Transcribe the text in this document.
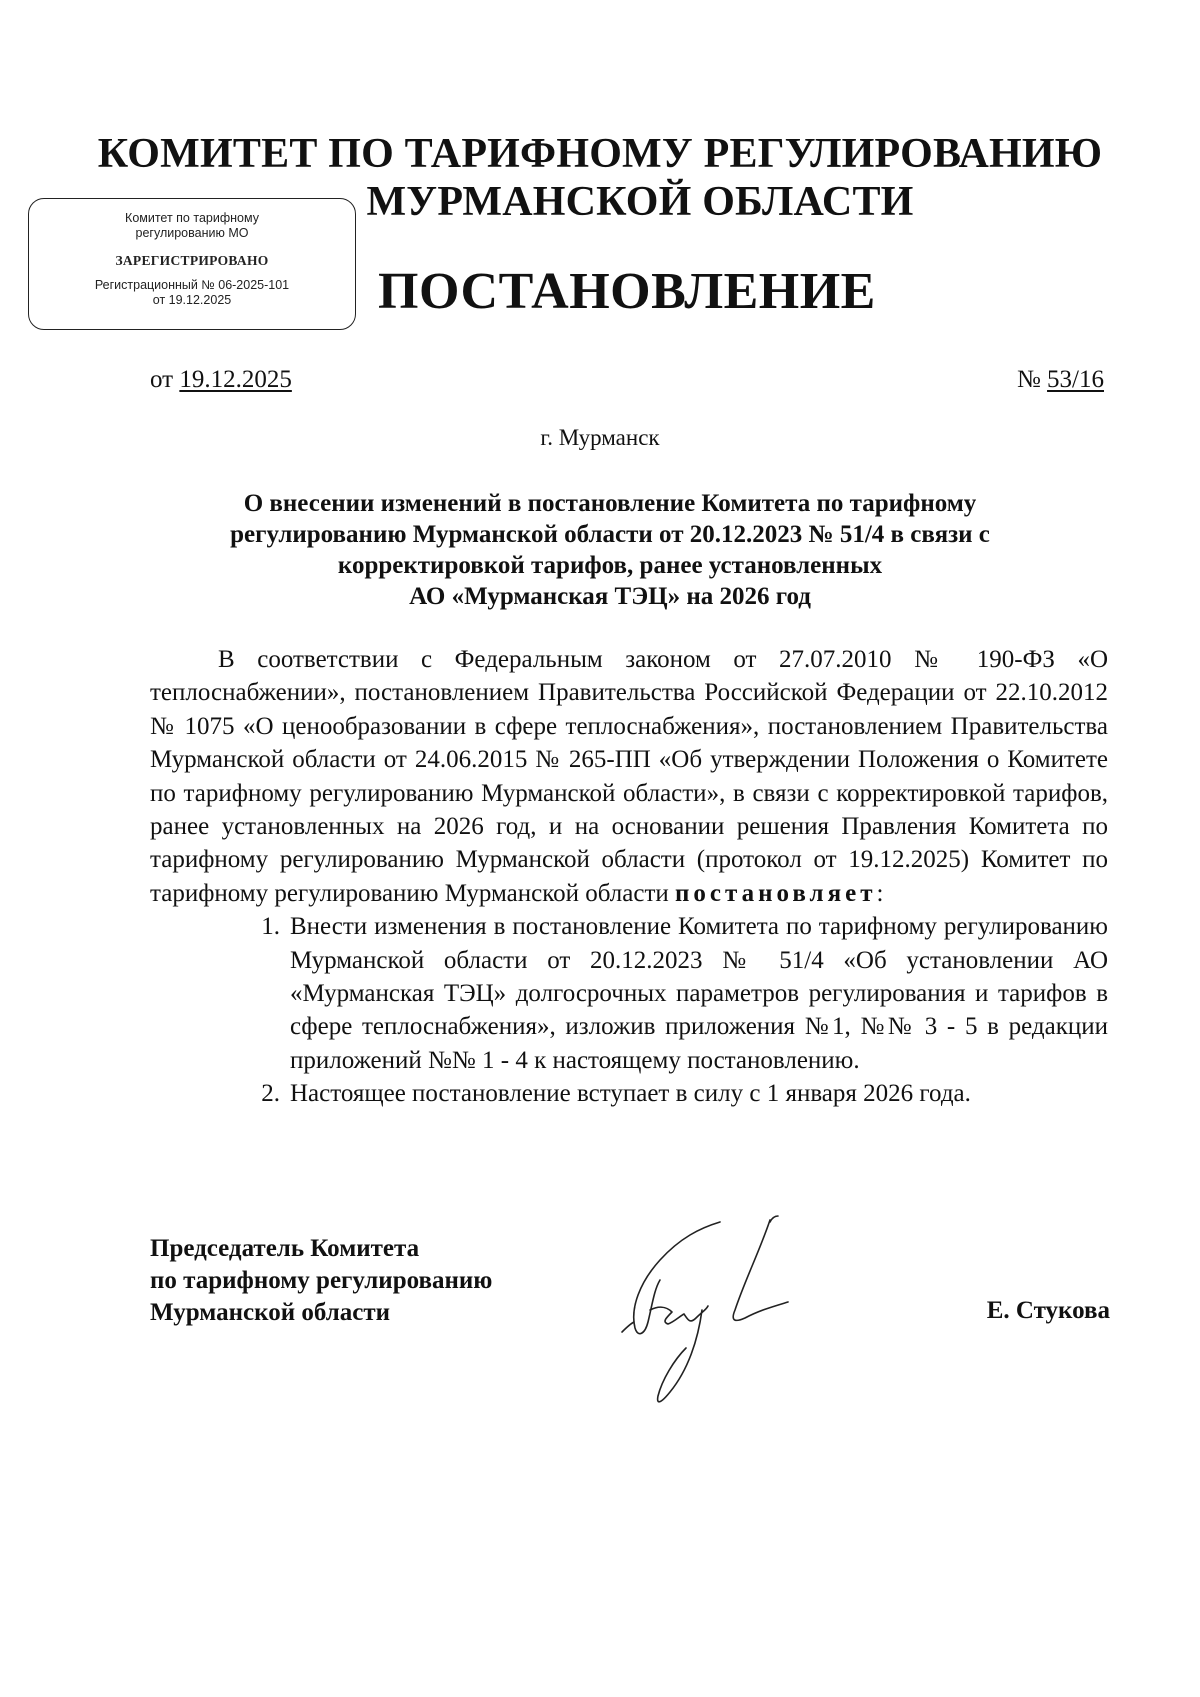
КОМИТЕТ ПО ТАРИФНОМУ РЕГУЛИРОВАНИЮ

МУРМАНСКОЙ ОБЛАСТИ
Комитет по тарифному
регулированию МО
ЗАРЕГИСТРИРОВАНО
Регистрационный № 06-2025-101
от 19.12.2025	ПОСТАНОВЛЕНИЕ
от 19.12.2025	№ 53/16
г. Мурманск
О внесении изменений в постановление Комитета по тарифному
регулированию Мурманской области от 20.12.2023 № 51/4 в связи с
корректировкой тарифов, ранее установленных
АО «Мурманская ТЭЦ» на 2026 год

В соответствии с Федеральным законом от 27.07.2010 № 190-ФЗ «О теплоснабжении», постановлением Правительства Российской Федерации от 22.10.2012 № 1075 «О ценообразовании в сфере теплоснабжения», постановлением Правительства Мурманской области от 24.06.2015 № 265-ПП «Об утверждении Положения о Комитете по тарифному регулированию Мурманской области», в связи с корректировкой тарифов, ранее установленных на 2026 год, и на основании решения Правления Комитета по тарифному регулированию Мурманской области (протокол от 19.12.2025) Комитет по тарифному регулированию Мурманской области постановляет:

1. Внести изменения в постановление Комитета по тарифному регулированию Мурманской области от 20.12.2023 № 51/4 «Об установлении АО «Мурманская ТЭЦ» долгосрочных параметров регулирования и тарифов в сфере теплоснабжения», изложив приложения №1, №№ 3 - 5 в редакции приложений №№ 1 - 4 к настоящему постановлению.
2. Настоящее постановление вступает в силу с 1 января 2026 года.
Председатель Комитета
по тарифному регулированию
Мурманской области	Е. Стукова
